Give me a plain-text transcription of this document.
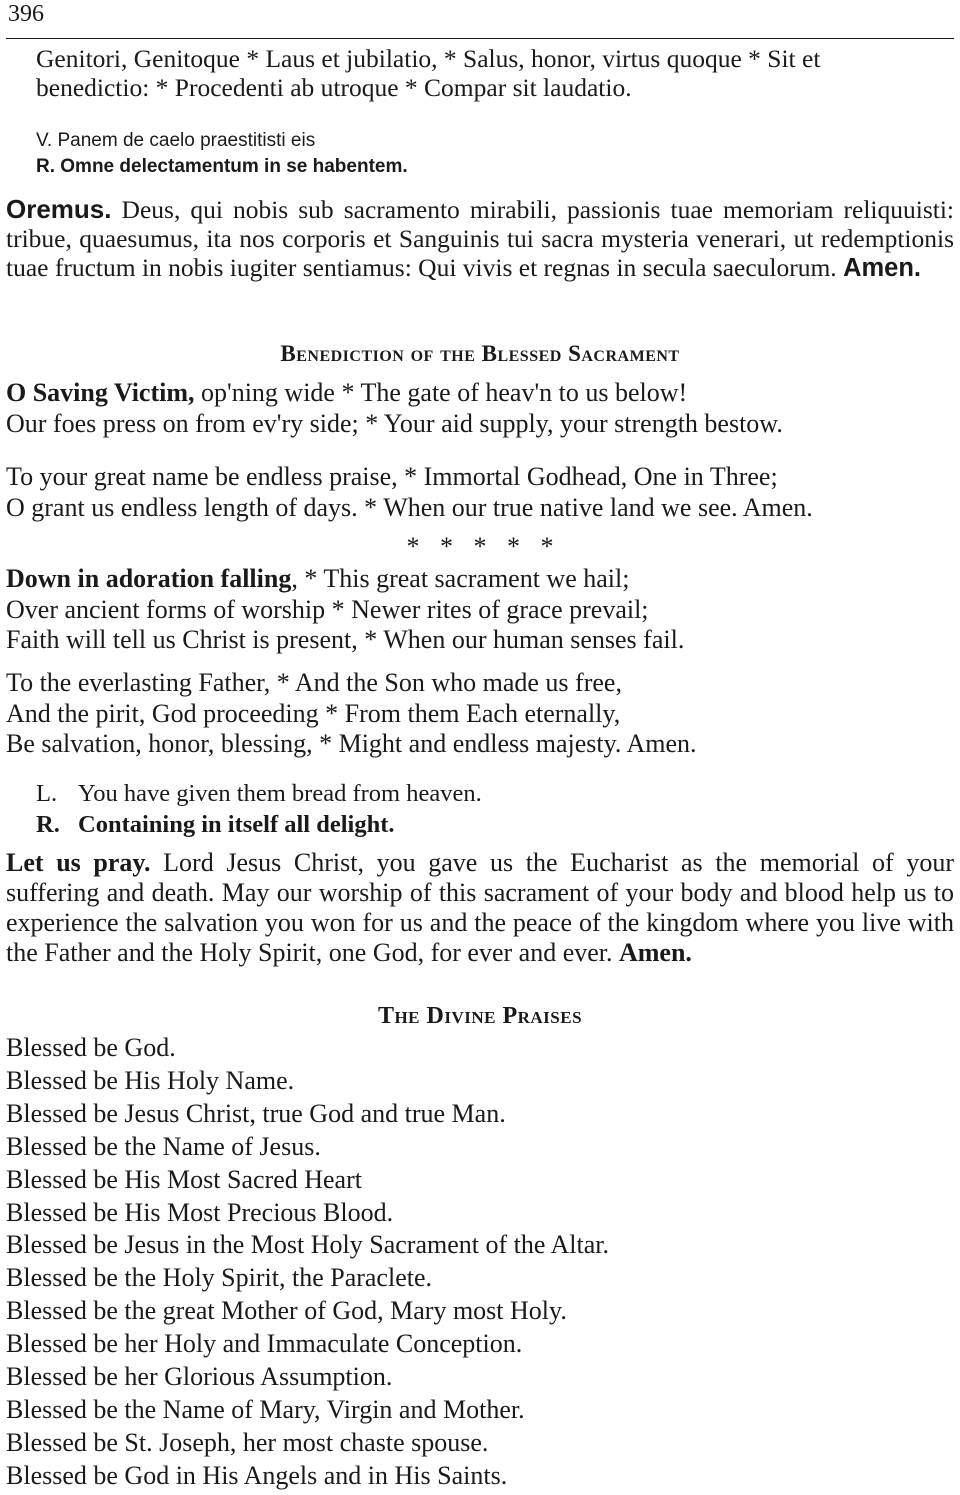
396

Genitori, Genitoque * Laus et jubilatio, * Salus, honor, virtus quoque * Sit et benedictio: * Procedenti ab utroque * Compar sit laudatio.

V. Panem de caelo praestitisti eis
R. Omne delectamentum in se habentem.

Oremus. Deus, qui nobis sub sacramento mirabili, passionis tuae memoriam reliquuisti: tribue, quaesumus, ita nos corporis et Sanguinis tui sacra mysteria venerari, ut redemptionis tuae fructum in nobis iugiter sentiamus: Qui vivis et regnas in secula saeculorum. Amen.

Benediction of the Blessed Sacrament
O Saving Victim, op'ning wide * The gate of heav'n to us below!
Our foes press on from ev'ry side; * Your aid supply, your strength bestow.
To your great name be endless praise, * Immortal Godhead, One in Three;
O grant us endless length of days. * When our true native land we see. Amen.
* * * * *
Down in adoration falling, * This great sacrament we hail;
Over ancient forms of worship * Newer rites of grace prevail;
Faith will tell us Christ is present, * When our human senses fail.
To the everlasting Father, * And the Son who made us free,
And the pirit, God proceeding * From them Each eternally,
Be salvation, honor, blessing, * Might and endless majesty. Amen.
L. You have given them bread from heaven.
R. Containing in itself all delight.

Let us pray. Lord Jesus Christ, you gave us the Eucharist as the memorial of your suffering and death. May our worship of this sacrament of your body and blood help us to experience the salvation you won for us and the peace of the kingdom where you live with the Father and the Holy Spirit, one God, for ever and ever. Amen.

The Divine Praises
Blessed be God.
Blessed be His Holy Name.
Blessed be Jesus Christ, true God and true Man.
Blessed be the Name of Jesus.
Blessed be His Most Sacred Heart
Blessed be His Most Precious Blood.
Blessed be Jesus in the Most Holy Sacrament of the Altar.
Blessed be the Holy Spirit, the Paraclete.
Blessed be the great Mother of God, Mary most Holy.
Blessed be her Holy and Immaculate Conception.
Blessed be her Glorious Assumption.
Blessed be the Name of Mary, Virgin and Mother.
Blessed be St. Joseph, her most chaste spouse.
Blessed be God in His Angels and in His Saints.
